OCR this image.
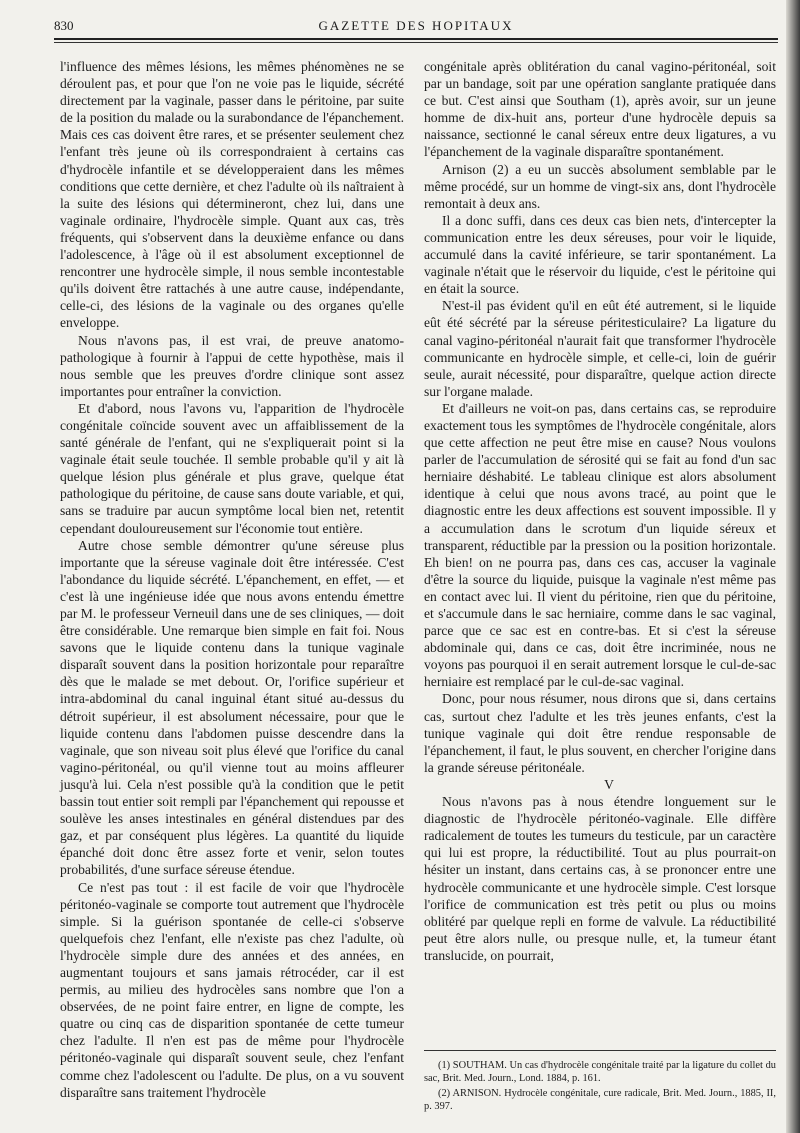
830	GAZETTE DES HOPITAUX

l'influence des mêmes lésions, les mêmes phénomènes ne se déroulent pas, et pour que l'on ne voie pas le liquide, sécrété directement par la vaginale, passer dans le péritoine, par suite de la position du malade ou la surabondance de l'épanchement. Mais ces cas doivent être rares, et se présenter seulement chez l'enfant très jeune où ils correspondraient à certains cas d'hydrocèle infantile et se développeraient dans les mêmes conditions que cette dernière, et chez l'adulte où ils naîtraient à la suite des lésions qui détermineront, chez lui, dans une vaginale ordinaire, l'hydrocèle simple. Quant aux cas, très fréquents, qui s'observent dans la deuxième enfance ou dans l'adolescence, à l'âge où il est absolument exceptionnel de rencontrer une hydrocèle simple, il nous semble incontestable qu'ils doivent être rattachés à une autre cause, indépendante, celle-ci, des lésions de la vaginale ou des organes qu'elle enveloppe.

Nous n'avons pas, il est vrai, de preuve anatomo-pathologique à fournir à l'appui de cette hypothèse, mais il nous semble que les preuves d'ordre clinique sont assez importantes pour entraîner la conviction.

Et d'abord, nous l'avons vu, l'apparition de l'hydrocèle congénitale coïncide souvent avec un affaiblissement de la santé générale de l'enfant, qui ne s'expliquerait point si la vaginale était seule touchée. Il semble probable qu'il y ait là quelque lésion plus générale et plus grave, quelque état pathologique du péritoine, de cause sans doute variable, et qui, sans se traduire par aucun symptôme local bien net, retentit cependant douloureusement sur l'économie tout entière.

Autre chose semble démontrer qu'une séreuse plus importante que la séreuse vaginale doit être intéressée. C'est l'abondance du liquide sécrété. L'épanchement, en effet, — et c'est là une ingénieuse idée que nous avons entendu émettre par M. le professeur Verneuil dans une de ses cliniques, — doit être considérable. Une remarque bien simple en fait foi. Nous savons que le liquide contenu dans la tunique vaginale disparaît souvent dans la position horizontale pour reparaître dès que le malade se met debout. Or, l'orifice supérieur et intra-abdominal du canal inguinal étant situé au-dessus du détroit supérieur, il est absolument nécessaire, pour que le liquide contenu dans l'abdomen puisse descendre dans la vaginale, que son niveau soit plus élevé que l'orifice du canal vagino-péritonéal, ou qu'il vienne tout au moins affleurer jusqu'à lui. Cela n'est possible qu'à la condition que le petit bassin tout entier soit rempli par l'épanchement qui repousse et soulève les anses intestinales en général distendues par des gaz, et par conséquent plus légères. La quantité du liquide épanché doit donc être assez forte et venir, selon toutes probabilités, d'une surface séreuse étendue.

Ce n'est pas tout : il est facile de voir que l'hydrocèle péritonéo-vaginale se comporte tout autrement que l'hydrocèle simple. Si la guérison spontanée de celle-ci s'observe quelquefois chez l'enfant, elle n'existe pas chez l'adulte, où l'hydrocèle simple dure des années et des années, en augmentant toujours et sans jamais rétrocéder, car il est permis, au milieu des hydrocèles sans nombre que l'on a observées, de ne point faire entrer, en ligne de compte, les quatre ou cinq cas de disparition spontanée de cette tumeur chez l'adulte. Il n'en est pas de même pour l'hydrocèle péritonéo-vaginale qui disparaît souvent seule, chez l'enfant comme chez l'adolescent ou l'adulte. De plus, on a vu souvent disparaître sans traitement l'hydrocèle

congénitale après oblitération du canal vagino-péritonéal, soit par un bandage, soit par une opération sanglante pratiquée dans ce but. C'est ainsi que Southam (1), après avoir, sur un jeune homme de dix-huit ans, porteur d'une hydrocèle depuis sa naissance, sectionné le canal séreux entre deux ligatures, a vu l'épanchement de la vaginale disparaître spontanément.

Arnison (2) a eu un succès absolument semblable par le même procédé, sur un homme de vingt-six ans, dont l'hydrocèle remontait à deux ans.

Il a donc suffi, dans ces deux cas bien nets, d'intercepter la communication entre les deux séreuses, pour voir le liquide, accumulé dans la cavité inférieure, se tarir spontanément. La vaginale n'était que le réservoir du liquide, c'est le péritoine qui en était la source.

N'est-il pas évident qu'il en eût été autrement, si le liquide eût été sécrété par la séreuse péritesticulaire? La ligature du canal vagino-péritonéal n'aurait fait que transformer l'hydrocèle communicante en hydrocèle simple, et celle-ci, loin de guérir seule, aurait nécessité, pour disparaître, quelque action directe sur l'organe malade.

Et d'ailleurs ne voit-on pas, dans certains cas, se reproduire exactement tous les symptômes de l'hydrocèle congénitale, alors que cette affection ne peut être mise en cause? Nous voulons parler de l'accumulation de sérosité qui se fait au fond d'un sac herniaire déshabité. Le tableau clinique est alors absolument identique à celui que nous avons tracé, au point que le diagnostic entre les deux affections est souvent impossible. Il y a accumulation dans le scrotum d'un liquide séreux et transparent, réductible par la pression ou la position horizontale. Eh bien! on ne pourra pas, dans ces cas, accuser la vaginale d'être la source du liquide, puisque la vaginale n'est même pas en contact avec lui. Il vient du péritoine, rien que du péritoine, et s'accumule dans le sac herniaire, comme dans le sac vaginal, parce que ce sac est en contre-bas. Et si c'est la séreuse abdominale qui, dans ce cas, doit être incriminée, nous ne voyons pas pourquoi il en serait autrement lorsque le cul-de-sac herniaire est remplacé par le cul-de-sac vaginal.

Donc, pour nous résumer, nous dirons que si, dans certains cas, surtout chez l'adulte et les très jeunes enfants, c'est la tunique vaginale qui doit être rendue responsable de l'épanchement, il faut, le plus souvent, en chercher l'origine dans la grande séreuse péritonéale.

V

Nous n'avons pas à nous étendre longuement sur le diagnostic de l'hydrocèle péritonéo-vaginale. Elle diffère radicalement de toutes les tumeurs du testicule, par un caractère qui lui est propre, la réductibilité. Tout au plus pourrait-on hésiter un instant, dans certains cas, à se prononcer entre une hydrocèle communicante et une hydrocèle simple. C'est lorsque l'orifice de communication est très petit ou plus ou moins oblitéré par quelque repli en forme de valvule. La réductibilité peut être alors nulle, ou presque nulle, et, la tumeur étant translucide, on pourrait,

(1) SOUTHAM. Un cas d'hydrocèle congénitale traité par la ligature du collet du sac, Brit. Med. Journ., Lond. 1884, p. 161.

(2) ARNISON. Hydrocèle congénitale, cure radicale, Brit. Med. Journ., 1885, II, p. 397.
